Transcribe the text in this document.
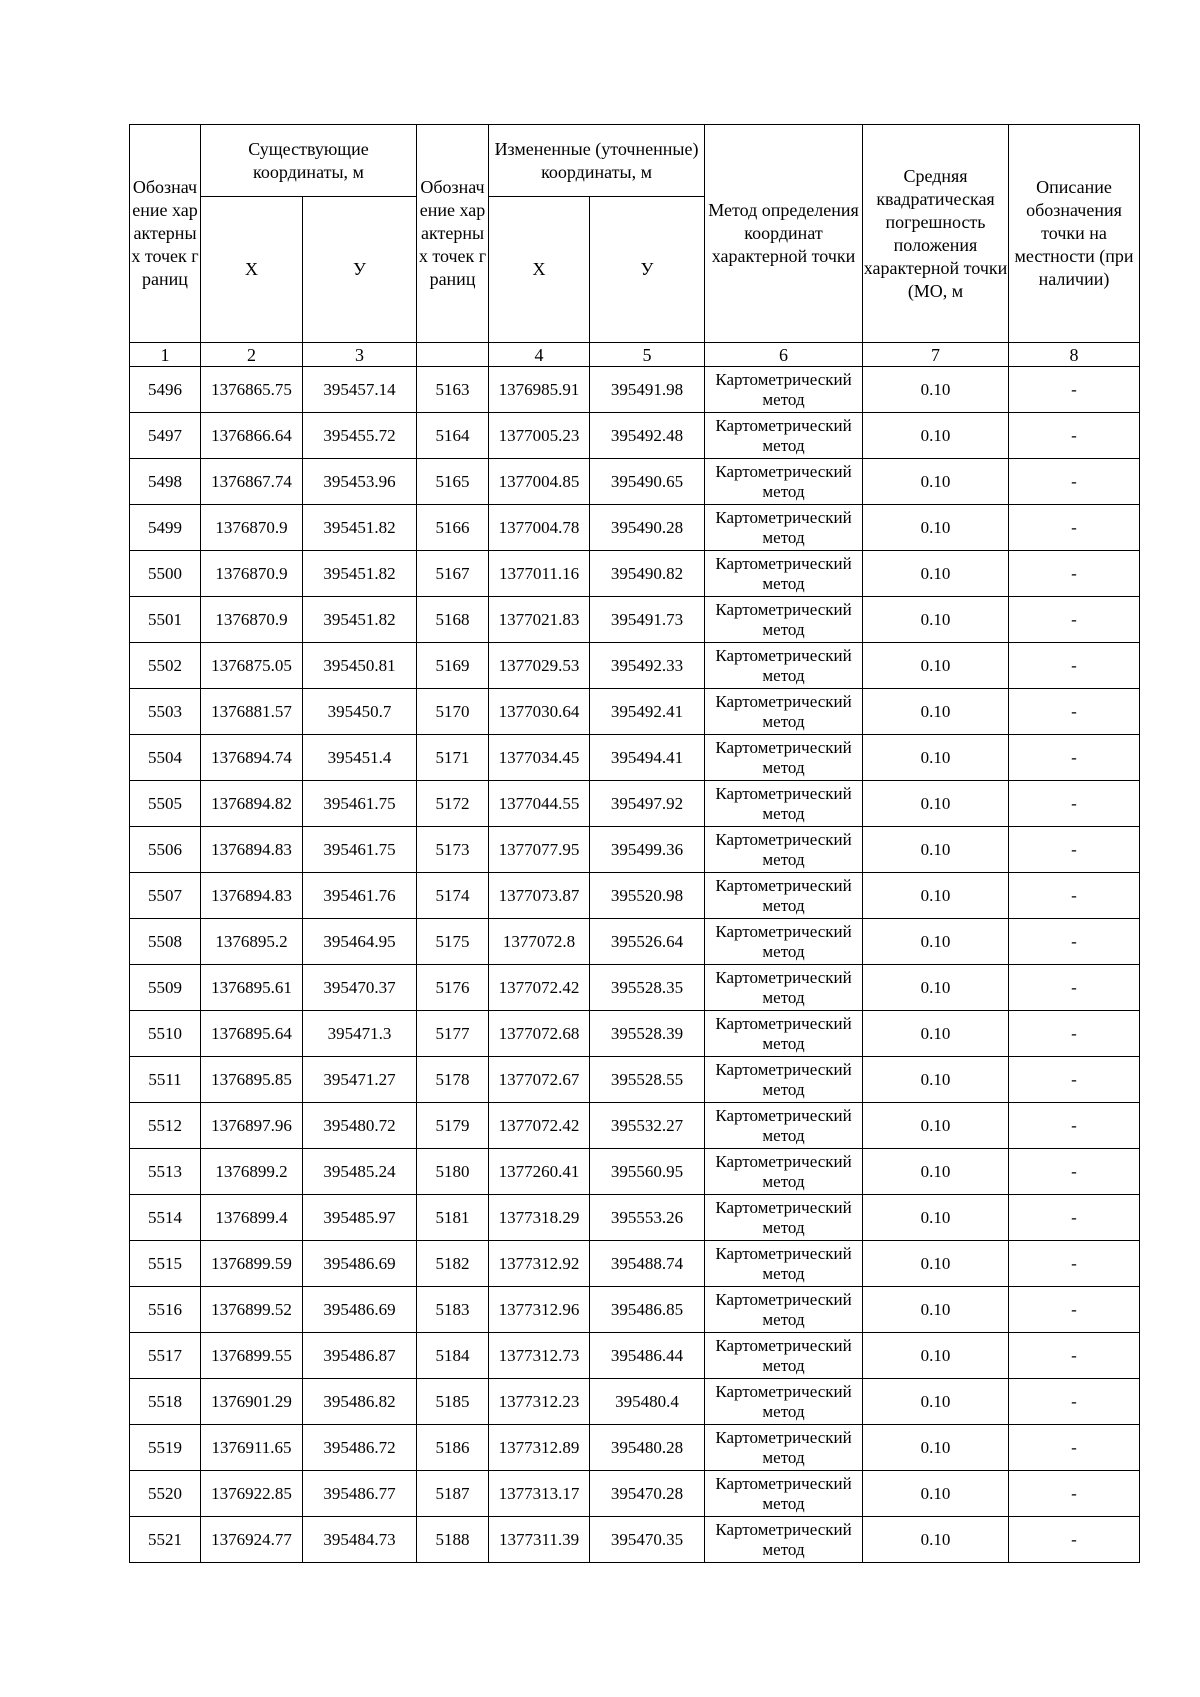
Обозначение характерных точек границ	Существующие координаты, м		Обозначение характерных точек границ	Измененные (уточненные) координаты, м		Метод определения координат характерной точки	Средняя квадратическая погрешность положения характерной точки (МО, м	Описание обозначения точки на местности (при наличии)
	Х	У		Х	У			
1	2	3		4	5	6	7	8
5496	1376865.75	395457.14	5163	1376985.91	395491.98	Картометрический метод	0.10	-
5497	1376866.64	395455.72	5164	1377005.23	395492.48	Картометрический метод	0.10	-
5498	1376867.74	395453.96	5165	1377004.85	395490.65	Картометрический метод	0.10	-
5499	1376870.9	395451.82	5166	1377004.78	395490.28	Картометрический метод	0.10	-
5500	1376870.9	395451.82	5167	1377011.16	395490.82	Картометрический метод	0.10	-
5501	1376870.9	395451.82	5168	1377021.83	395491.73	Картометрический метод	0.10	-
5502	1376875.05	395450.81	5169	1377029.53	395492.33	Картометрический метод	0.10	-
5503	1376881.57	395450.7	5170	1377030.64	395492.41	Картометрический метод	0.10	-
5504	1376894.74	395451.4	5171	1377034.45	395494.41	Картометрический метод	0.10	-
5505	1376894.82	395461.75	5172	1377044.55	395497.92	Картометрический метод	0.10	-
5506	1376894.83	395461.75	5173	1377077.95	395499.36	Картометрический метод	0.10	-
5507	1376894.83	395461.76	5174	1377073.87	395520.98	Картометрический метод	0.10	-
5508	1376895.2	395464.95	5175	1377072.8	395526.64	Картометрический метод	0.10	-
5509	1376895.61	395470.37	5176	1377072.42	395528.35	Картометрический метод	0.10	-
5510	1376895.64	395471.3	5177	1377072.68	395528.39	Картометрический метод	0.10	-
5511	1376895.85	395471.27	5178	1377072.67	395528.55	Картометрический метод	0.10	-
5512	1376897.96	395480.72	5179	1377072.42	395532.27	Картометрический метод	0.10	-
5513	1376899.2	395485.24	5180	1377260.41	395560.95	Картометрический метод	0.10	-
5514	1376899.4	395485.97	5181	1377318.29	395553.26	Картометрический метод	0.10	-
5515	1376899.59	395486.69	5182	1377312.92	395488.74	Картометрический метод	0.10	-
5516	1376899.52	395486.69	5183	1377312.96	395486.85	Картометрический метод	0.10	-
5517	1376899.55	395486.87	5184	1377312.73	395486.44	Картометрический метод	0.10	-
5518	1376901.29	395486.82	5185	1377312.23	395480.4	Картометрический метод	0.10	-
5519	1376911.65	395486.72	5186	1377312.89	395480.28	Картометрический метод	0.10	-
5520	1376922.85	395486.77	5187	1377313.17	395470.28	Картометрический метод	0.10	-
5521	1376924.77	395484.73	5188	1377311.39	395470.35	Картометрический метод	0.10	-
